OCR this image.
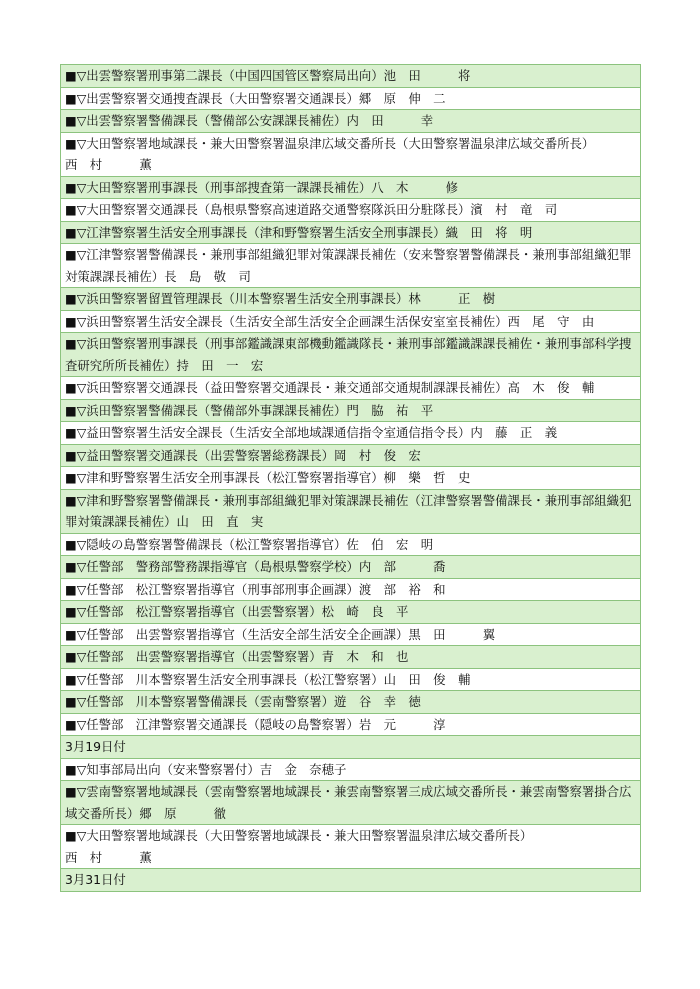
■▽出雲警察署刑事第二課長（中国四国管区警察局出向）池　田　　　将
■▽出雲警察署交通捜査課長（大田警察署交通課長）郷　原　伸　二
■▽出雲警察署警備課長（警備部公安課課長補佐）内　田　　　幸
■▽大田警察署地域課長・兼大田警察署温泉津広域交番所長（大田警察署温泉津広域交番所長）
西　村　　　薫
■▽大田警察署刑事課長（刑事部捜査第一課課長補佐）八　木　　　修
■▽大田警察署交通課長（島根県警察高速道路交通警察隊浜田分駐隊長）濱　村　竜　司
■▽江津警察署生活安全刑事課長（津和野警察署生活安全刑事課長）織　田　将　明
■▽江津警察署警備課長・兼刑事部組織犯罪対策課課長補佐（安来警察署警備課長・兼刑事部組織犯罪対策課課長補佐）長　島　敬　司
■▽浜田警察署留置管理課長（川本警察署生活安全刑事課長）林　　　正　樹
■▽浜田警察署生活安全課長（生活安全部生活安全企画課生活保安室室長補佐）西　尾　守　由
■▽浜田警察署刑事課長（刑事部鑑識課東部機動鑑識隊長・兼刑事部鑑識課課長補佐・兼刑事部科学捜査研究所所長補佐）持　田　一　宏
■▽浜田警察署交通課長（益田警察署交通課長・兼交通部交通規制課課長補佐）高　木　俊　輔
■▽浜田警察署警備課長（警備部外事課課長補佐）門　脇　祐　平
■▽益田警察署生活安全課長（生活安全部地域課通信指令室通信指令長）内　藤　正　義
■▽益田警察署交通課長（出雲警察署総務課長）岡　村　俊　宏
■▽津和野警察署生活安全刑事課長（松江警察署指導官）柳　樂　哲　史
■▽津和野警察署警備課長・兼刑事部組織犯罪対策課課長補佐（江津警察署警備課長・兼刑事部組織犯罪対策課課長補佐）山　田　直　実
■▽隠岐の島警察署警備課長（松江警察署指導官）佐　伯　宏　明
■▽任警部　警務部警務課指導官（島根県警察学校）内　部　　　喬
■▽任警部　松江警察署指導官（刑事部刑事企画課）渡　部　裕　和
■▽任警部　松江警察署指導官（出雲警察署）松　崎　良　平
■▽任警部　出雲警察署指導官（生活安全部生活安全企画課）黒　田　　　翼
■▽任警部　出雲警察署指導官（出雲警察署）青　木　和　也
■▽任警部　川本警察署生活安全刑事課長（松江警察署）山　田　俊　輔
■▽任警部　川本警察署警備課長（雲南警察署）遊　谷　幸　徳
■▽任警部　江津警察署交通課長（隠岐の島警察署）岩　元　　　淳
3月19日付
■▽知事部局出向（安来警察署付）吉　金　奈穂子
■▽雲南警察署地域課長（雲南警察署地域課長・兼雲南警察署三成広域交番所長・兼雲南警察署掛合広域交番所長）郷　原　　　徹
■▽大田警察署地域課長（大田警察署地域課長・兼大田警察署温泉津広域交番所長）
西　村　　　薫
3月31日付
